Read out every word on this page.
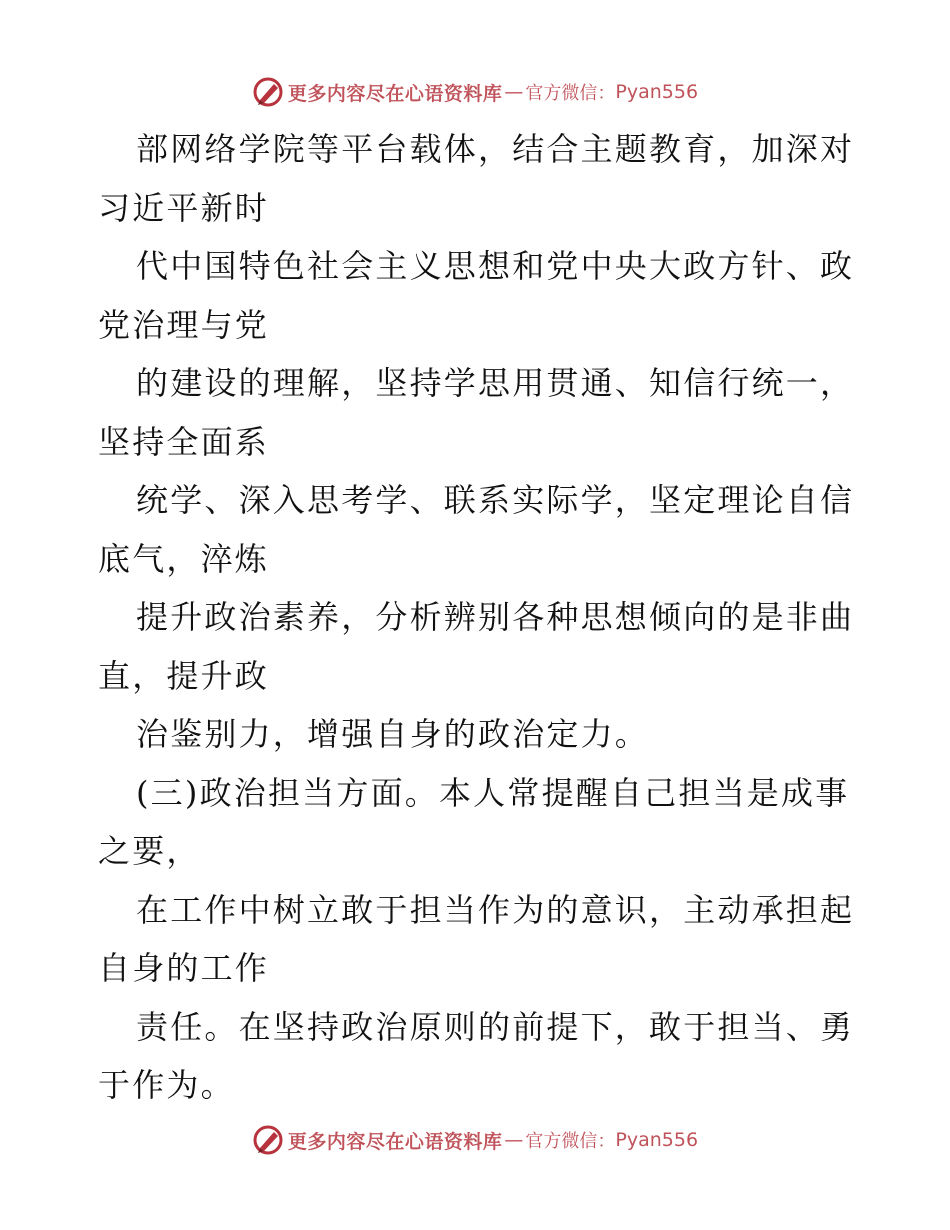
更多内容尽在心语资料库 — 官方微信： Pyan556
部网络学院等平台载体，结合主题教育，加深对
习近平新时
代中国特色社会主义思想和党中央大政方针、政
党治理与党
的建设的理解，坚持学思用贯通、知信行统一，
坚持全面系
统学、深入思考学、联系实际学，坚定理论自信
底气，淬炼
提升政治素养，分析辨别各种思想倾向的是非曲
直，提升政
治鉴别力，增强自身的政治定力。
(三)政治担当方面。本人常提醒自己担当是成事
之要，
在工作中树立敢于担当作为的意识，主动承担起
自身的工作
责任。在坚持政治原则的前提下，敢于担当、勇
于作为。
更多内容尽在心语资料库 — 官方微信： Pyan556
